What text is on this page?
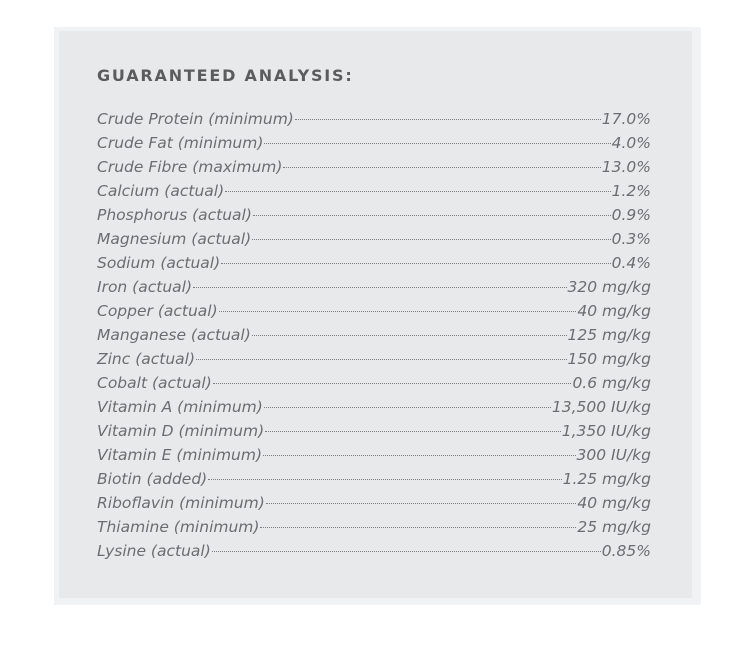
GUARANTEED ANALYSIS:
Crude Protein (minimum)	17.0%
Crude Fat (minimum)	4.0%
Crude Fibre (maximum)	13.0%
Calcium (actual)	1.2%
Phosphorus (actual)	0.9%
Magnesium (actual)	0.3%
Sodium (actual)	0.4%
Iron (actual)	320 mg/kg
Copper (actual)	40 mg/kg
Manganese (actual)	125 mg/kg
Zinc (actual)	150 mg/kg
Cobalt (actual)	0.6 mg/kg
Vitamin A (minimum)	13,500 IU/kg
Vitamin D (minimum)	1,350 IU/kg
Vitamin E (minimum)	300 IU/kg
Biotin (added)	1.25 mg/kg
Riboflavin (minimum)	40 mg/kg
Thiamine (minimum)	25 mg/kg
Lysine (actual)	0.85%
